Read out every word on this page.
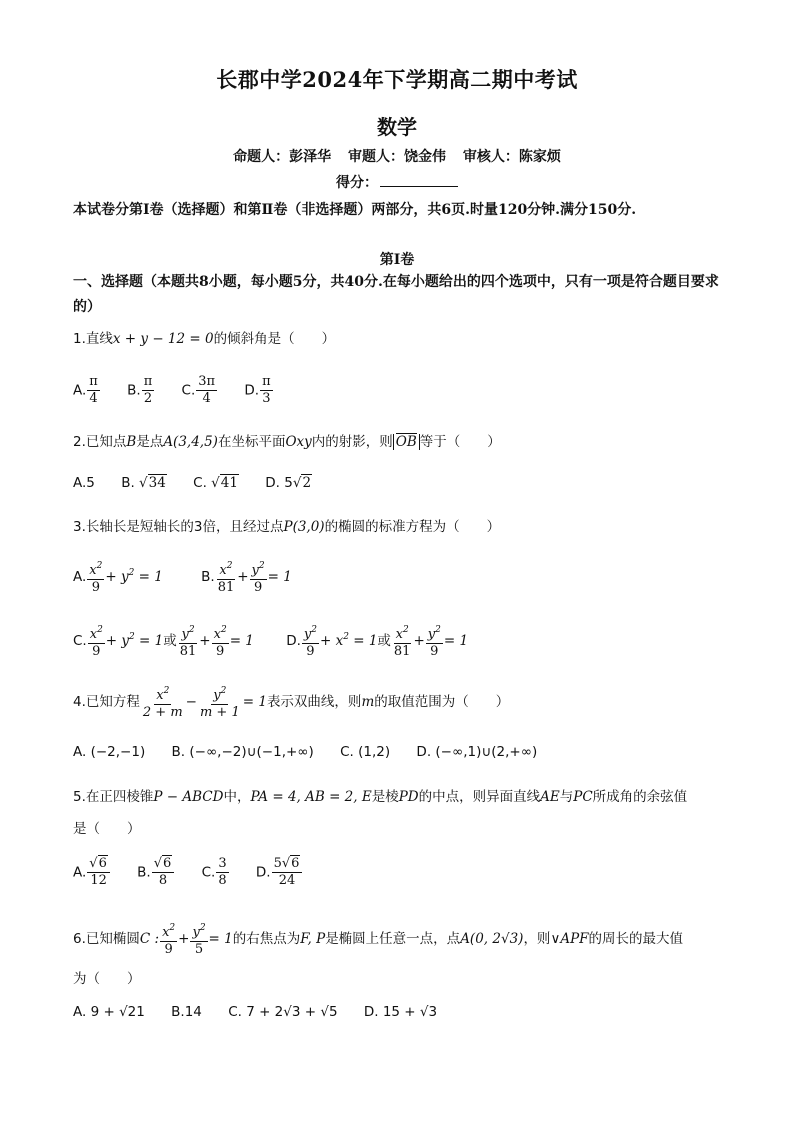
长郡中学2024年下学期高二期中考试
数学
命题人：彭泽华 审题人：饶金伟 审核人：陈家烦
得分：
本试卷分第Ⅰ卷（选择题）和第Ⅱ卷（非选择题）两部分，共6页.时量120分钟.满分150分.
第Ⅰ卷
一、选择题（本题共8小题，每小题5分，共40分.在每小题给出的四个选项中，只有一项是符合题目要求的）
1.直线x + y − 12 = 0的倾斜角是（　　）
A. $\frac{\pi}{4} B$. $\frac{\pi}{2} C$. $\frac{3\pi}{4} D$. $\frac{\pi}{3}$
2.已知点B是点A(3,4,5)在坐标平面Oxy内的射影，则 OB 等于（　　）
A.5 B. √34 C. √41 D. 5√2
3.长轴长是短轴长的3倍，且经过点P(3,0)的椭圆的标准方程为（　　）
A. $\frac{x^2}{9} + y^2 = 1$	B. $\frac{x^2}{81} + \frac{y^2}{9} = 1$
C. $\frac{x^2}{9} + y^2 = 1$或 $\frac{y^2}{81} + \frac{x^2}{9} = 1$ D. $\frac{y^2}{9} + x^2 = 1$或 $\frac{x^2}{81} + \frac{y^2}{9} = 1$
4.已知方程 $\frac{x^2}{2 + m} - \frac{y^2}{m + 1} = 1$表示双曲线，则m的取值范围为（　　）
A. (−2,−1) B. (−∞,−2)∪(−1,+∞) C. (1,2) D. (−∞,1)∪(2,+∞)
5.在正四棱锥P − ABCD中，PA = 4, AB = 2, E是棱PD的中点，则异面直线AE与PC所成角的余弦值
是（　　）
A. $\frac{√6}{12} B$. $\frac{√6}{8} C$. $\frac{3}{8} D$. $\frac{5√6}{24}$
6.已知椭圆C : $\frac{x^2}{9} + \frac{y^2}{5} = 1$的右焦点为F, P是椭圆上任意一点，点A(0, 2√3)，则∨APF的周长的最大值
为（　　）
A. 9 + √21 B.14 C. 7 + 2√3 + √5 D. 15 + √3
